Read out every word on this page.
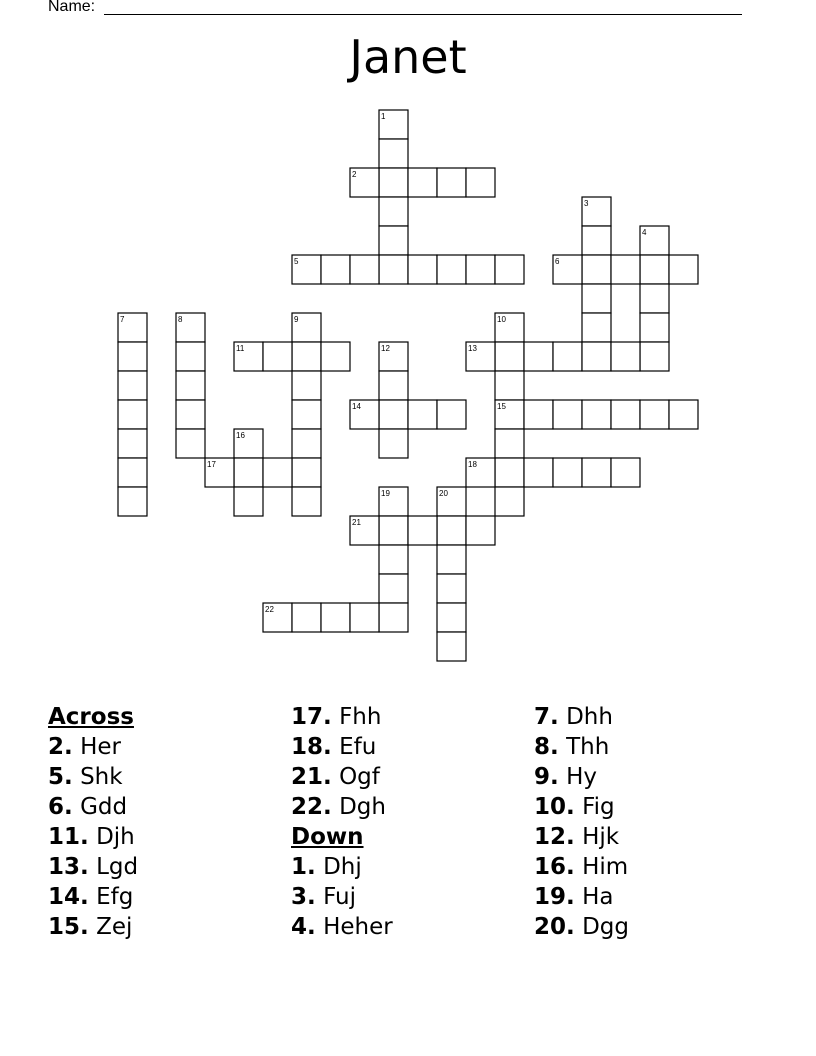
Name:
Janet
1
2
3
4
5	6
7	8	9	10
11	12	13
14	15
16
17	18
19	20
21
22
Across
2. Her
5. Shk
6. Gdd
11. Djh
13. Lgd
14. Efg
15. Zej
17. Fhh
18. Efu
21. Ogf
22. Dgh
Down
1. Dhj
3. Fuj
4. Heher
7. Dhh
8. Thh
9. Hy
10. Fig
12. Hjk
16. Him
19. Ha
20. Dgg
